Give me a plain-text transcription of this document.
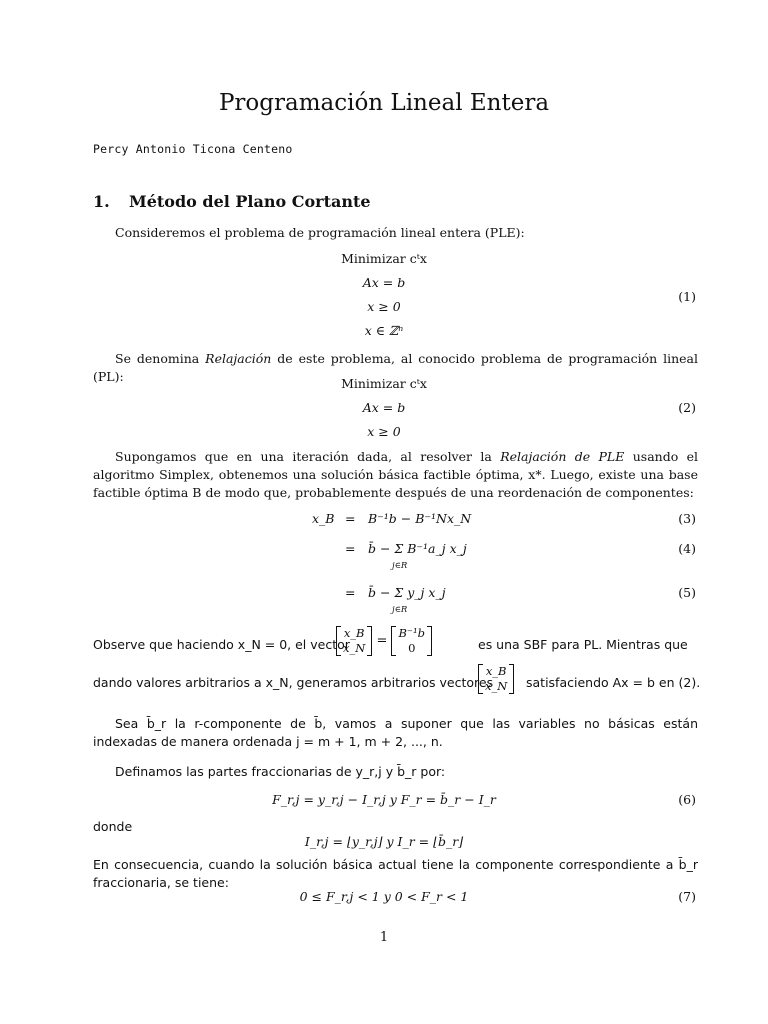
Programación Lineal Entera
Percy Antonio Ticona Centeno
1. Método del Plano Cortante
Consideremos el problema de programación lineal entera (PLE):
Minimizar cᵗx
Ax = b
x ≥ 0
x ∈ ℤⁿ
(1)
Se denomina Relajación de este problema, al conocido problema de programación lineal (PL):	Minimizar cᵗx
Ax = b
x ≥ 0
(2)
Supongamos que en una iteración dada, al resolver la Relajación de PLE usando el algoritmo Simplex, obtenemos una solución básica factible óptima, x*. Luego, existe una base factible óptima B de modo que, probablemente después de una reordenación de componentes:
x_B = B⁻¹b − B⁻¹Nx_N	(3)
= b̄ − Σ B⁻¹a_j x_j
j∈R
(4)
= b̄ − Σ y_j x_j
j∈R
(5)
Observe que haciendo x_N = 0, el vector
x_B
x_N = B⁻¹b
0	es una SBF para PL. Mientras que
dando valores arbitrarios a x_N, generamos arbitrarios vectores
x_B
x_N	satisfaciendo Ax = b en (2).
Sea b̄_r la r-componente de b̄, vamos a suponer que las variables no básicas están indexadas de manera ordenada j = m + 1, m + 2, ..., n.
Definamos las partes fraccionarias de y_r,j y b̄_r por:
F_r,j = y_r,j − I_r,j y F_r = b̄_r − I_r	(6)
donde
I_r,j = ⌊y_r,j⌋ y I_r = ⌊b̄_r⌋
En consecuencia, cuando la solución básica actual tiene la componente correspondiente a b̄_r fraccionaria, se tiene:
0 ≤ F_r,j < 1 y 0 < F_r < 1	(7)
1
